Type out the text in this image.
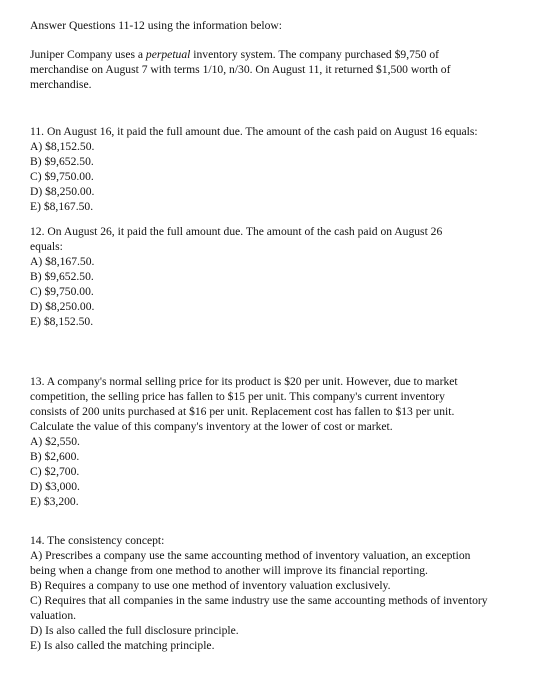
Answer Questions 11-12 using the information below:
Juniper Company uses a perpetual inventory system. The company purchased $9,750 of
merchandise on August 7 with terms 1/10, n/30. On August 11, it returned $1,500 worth of
merchandise.
11. On August 16, it paid the full amount due. The amount of the cash paid on August 16 equals:
A) $8,152.50.
B) $9,652.50.
C) $9,750.00.
D) $8,250.00.
E) $8,167.50.
12. On August 26, it paid the full amount due. The amount of the cash paid on August 26
equals:
A) $8,167.50.
B) $9,652.50.
C) $9,750.00.
D) $8,250.00.
E) $8,152.50.
13. A company's normal selling price for its product is $20 per unit. However, due to market
competition, the selling price has fallen to $15 per unit. This company's current inventory
consists of 200 units purchased at $16 per unit. Replacement cost has fallen to $13 per unit.
Calculate the value of this company's inventory at the lower of cost or market.
A) $2,550.
B) $2,600.
C) $2,700.
D) $3,000.
E) $3,200.
14. The consistency concept:
A) Prescribes a company use the same accounting method of inventory valuation, an exception
being when a change from one method to another will improve its financial reporting.
B) Requires a company to use one method of inventory valuation exclusively.
C) Requires that all companies in the same industry use the same accounting methods of inventory
valuation.
D) Is also called the full disclosure principle.
E) Is also called the matching principle.
